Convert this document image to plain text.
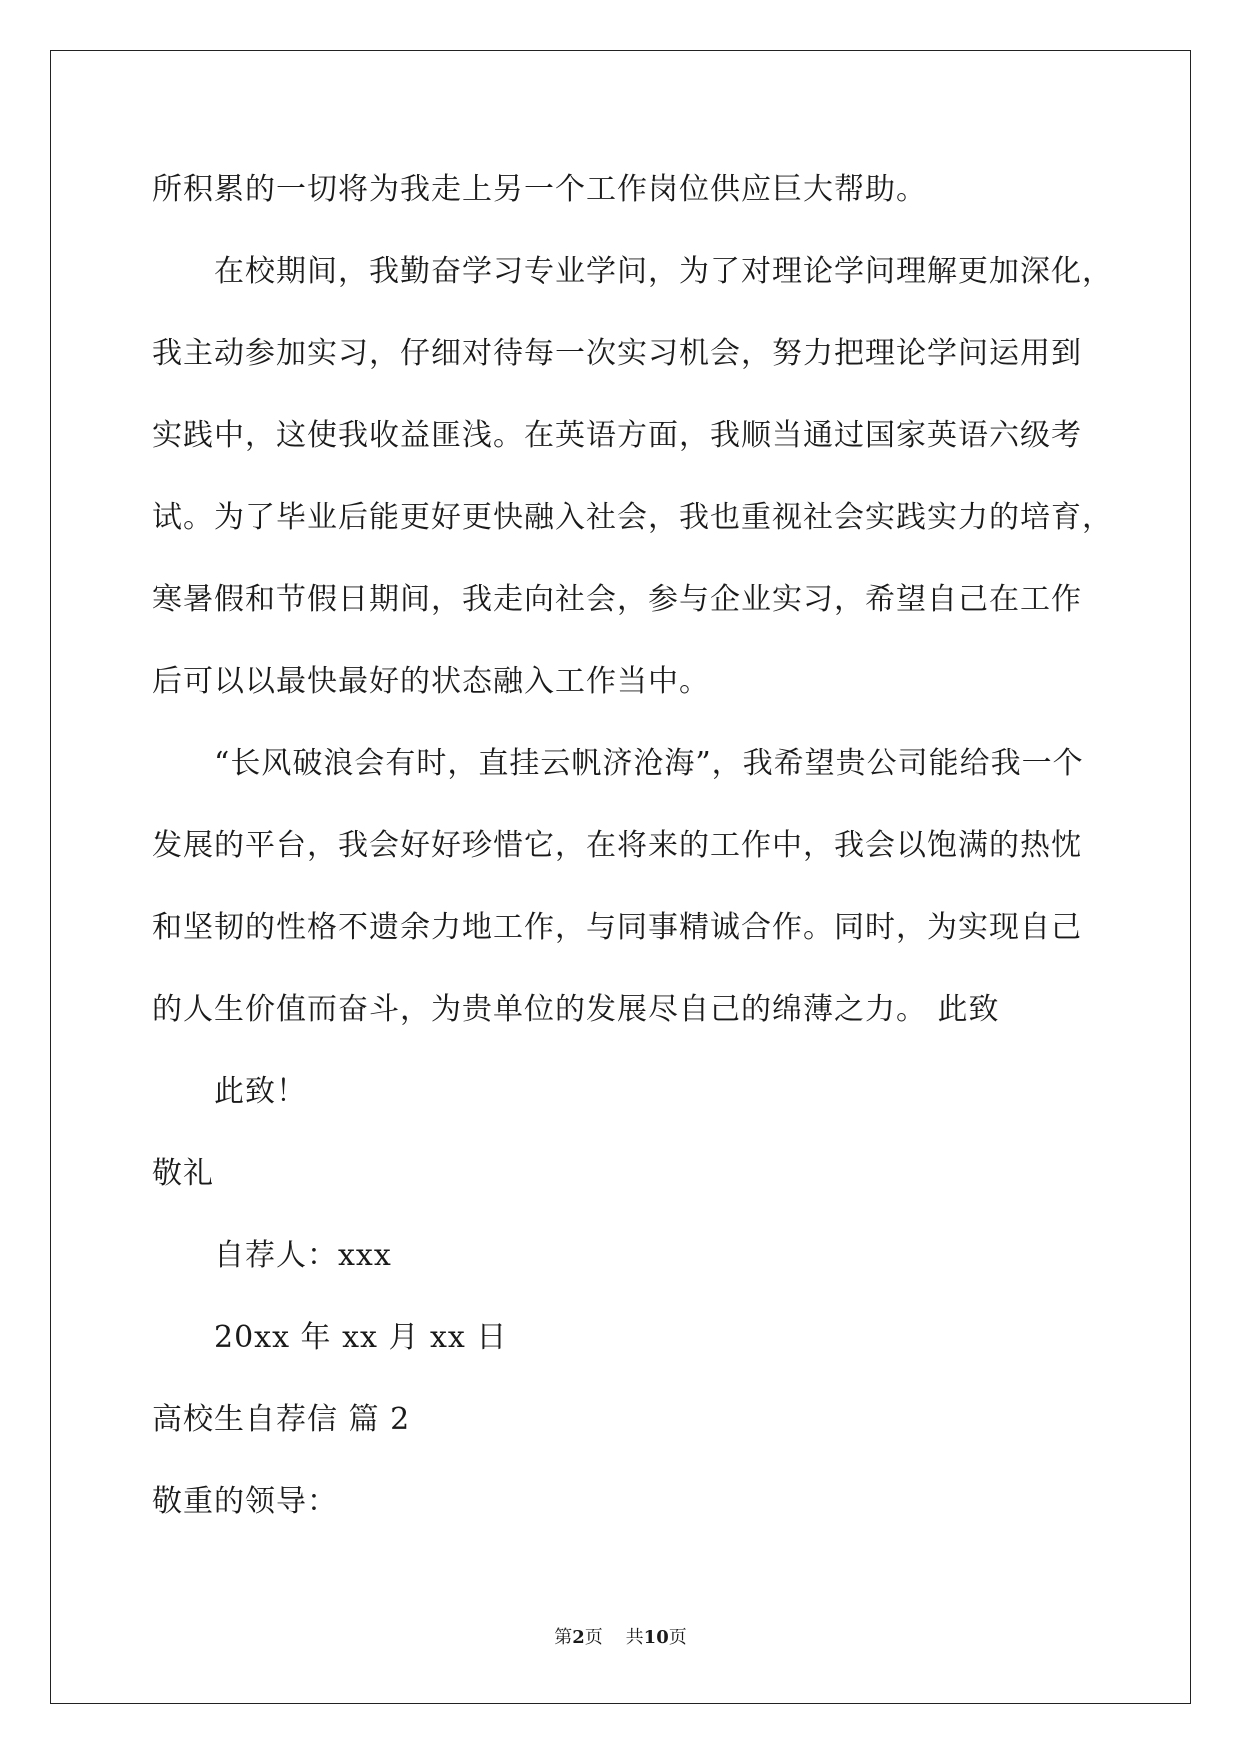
所积累的一切将为我走上另一个工作岗位供应巨大帮助。
在校期间，我勤奋学习专业学问，为了对理论学问理解更加深化，
我主动参加实习，仔细对待每一次实习机会，努力把理论学问运用到
实践中，这使我收益匪浅。在英语方面，我顺当通过国家英语六级考
试。为了毕业后能更好更快融入社会，我也重视社会实践实力的培育，
寒暑假和节假日期间，我走向社会，参与企业实习，希望自己在工作
后可以以最快最好的状态融入工作当中。
“长风破浪会有时，直挂云帆济沧海”，我希望贵公司能给我一个
发展的平台，我会好好珍惜它，在将来的工作中，我会以饱满的热忱
和坚韧的性格不遗余力地工作，与同事精诚合作。同时，为实现自己
的人生价值而奋斗，为贵单位的发展尽自己的绵薄之力。 此致
此致！
敬礼
自荐人：xxx
20xx 年 xx 月 xx 日
高校生自荐信 篇 2
敬重的领导：
第2页 共10页
